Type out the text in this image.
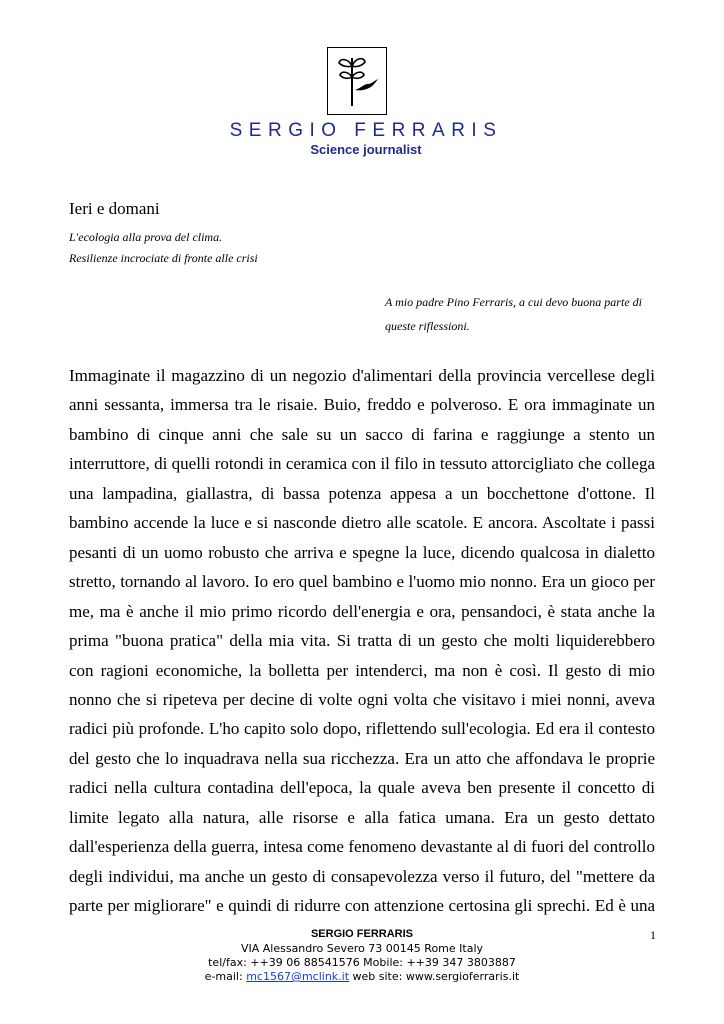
SERGIO FERRARIS
Science journalist
Ieri e domani
L'ecologia alla prova del clima.
Resilienze incrociate di fronte alle crisi
A mio padre Pino Ferraris, a cui devo buona parte di
queste riflessioni.
Immaginate il magazzino di un negozio d'alimentari della provincia vercellese degli anni sessanta, immersa tra le risaie. Buio, freddo e polveroso. E ora immaginate un bambino di cinque anni che sale su un sacco di farina e raggiunge a stento un interruttore, di quelli rotondi in ceramica con il filo in tessuto attorcigliato che collega una lampadina, giallastra, di bassa potenza appesa a un bocchettone d'ottone. Il bambino accende la luce e si nasconde dietro alle scatole. E ancora. Ascoltate i passi pesanti di un uomo robusto che arriva e spegne la luce, dicendo qualcosa in dialetto stretto, tornando al lavoro. Io ero quel bambino e l'uomo mio nonno. Era un gioco per me, ma è anche il mio primo ricordo dell'energia e ora, pensandoci, è stata anche la prima "buona pratica" della mia vita. Si tratta di un gesto che molti liquiderebbero con ragioni economiche, la bolletta per intenderci, ma non è così. Il gesto di mio nonno che si ripeteva per decine di volte ogni volta che visitavo i miei nonni, aveva radici più profonde. L'ho capito solo dopo, riflettendo sull'ecologia. Ed era il contesto del gesto che lo inquadrava nella sua ricchezza. Era un atto che affondava le proprie radici nella cultura contadina dell'epoca, la quale aveva ben presente il concetto di limite legato alla natura, alle risorse e alla fatica umana. Era un gesto dettato dall'esperienza della guerra, intesa come fenomeno devastante al di fuori del controllo degli individui, ma anche un gesto di consapevolezza verso il futuro, del "mettere da parte per migliorare" e quindi di ridurre con attenzione certosina gli sprechi. Ed è una
SERGIO FERRARIS	1
VIA Alessandro Severo 73 00145 Rome Italy
tel/fax: ++39 06 88541576 Mobile: ++39 347 3803887
e-mail: mc1567@mclink.it web site: www.sergioferraris.it
